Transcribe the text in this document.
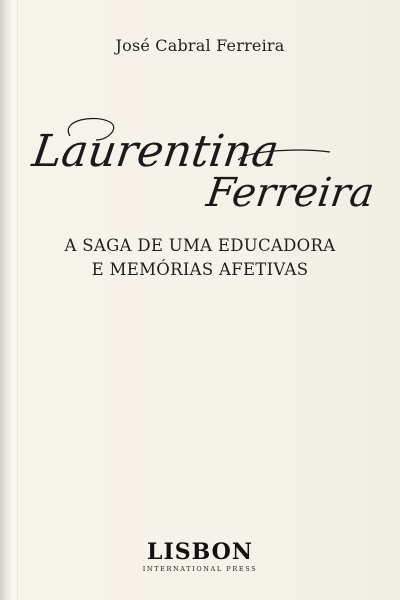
José Cabral Ferreira
Laurentina
Ferreira
A SAGA DE UMA EDUCADORA
E MEMÓRIAS AFETIVAS
LISBON
INTERNATIONAL PRESS
